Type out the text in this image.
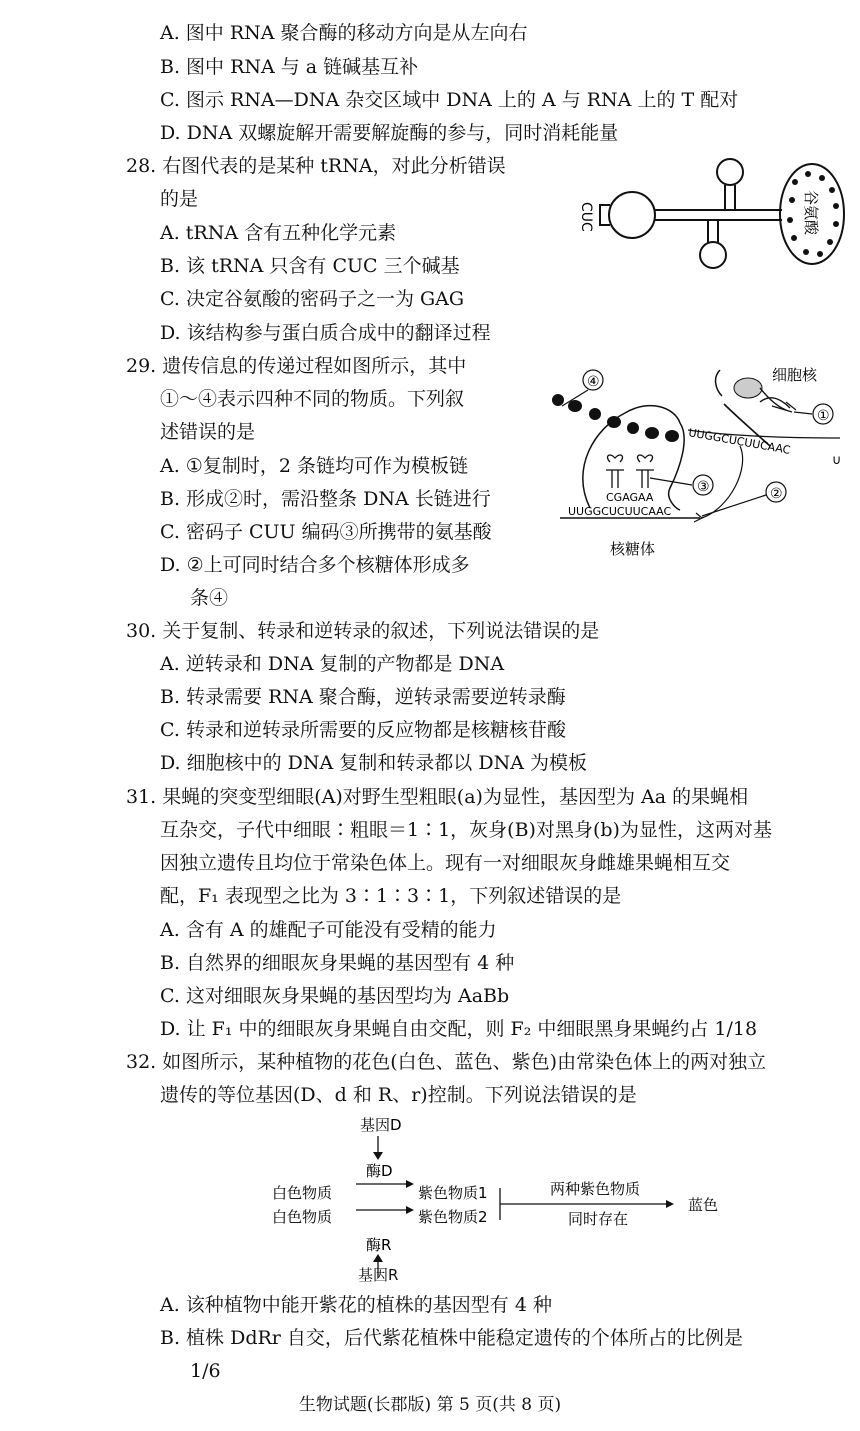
A. 图中 RNA 聚合酶的移动方向是从左向右
B. 图中 RNA 与 a 链碱基互补
C. 图示 RNA—DNA 杂交区域中 DNA 上的 A 与 RNA 上的 T 配对
D. DNA 双螺旋解开需要解旋酶的参与，同时消耗能量
28. 右图代表的是某种 tRNA，对此分析错误
的是
A. tRNA 含有五种化学元素
B. 该 tRNA 只含有 CUC 三个碱基
C. 决定谷氨酸的密码子之一为 GAG
D. 该结构参与蛋白质合成中的翻译过程
CUC	谷氨酸
29. 遗传信息的传递过程如图所示，其中
①～④表示四种不同的物质。下列叙
述错误的是
A. ①复制时，2 条链均可作为模板链
B. 形成②时，需沿整条 DNA 长链进行
C. 密码子 CUU 编码③所携带的氨基酸
D. ②上可同时结合多个核糖体形成多
条④
④
CGAGAA
③
UUGGCUCUUCAAC
核糖体
细胞核
①
UUGGCUCUUCAAC
∪
②
30. 关于复制、转录和逆转录的叙述，下列说法错误的是
A. 逆转录和 DNA 复制的产物都是 DNA
B. 转录需要 RNA 聚合酶，逆转录需要逆转录酶
C. 转录和逆转录所需要的反应物都是核糖核苷酸
D. 细胞核中的 DNA 复制和转录都以 DNA 为模板
31. 果蝇的突变型细眼(A)对野生型粗眼(a)为显性，基因型为 Aa 的果蝇相
互杂交，子代中细眼∶粗眼＝1∶1，灰身(B)对黑身(b)为显性，这两对基
因独立遗传且均位于常染色体上。现有一对细眼灰身雌雄果蝇相互交
配，F₁ 表现型之比为 3∶1∶3∶1，下列叙述错误的是
A. 含有 A 的雄配子可能没有受精的能力
B. 自然界的细眼灰身果蝇的基因型有 4 种
C. 这对细眼灰身果蝇的基因型均为 AaBb
D. 让 F₁ 中的细眼灰身果蝇自由交配，则 F₂ 中细眼黑身果蝇约占 1/18
32. 如图所示，某种植物的花色(白色、蓝色、紫色)由常染色体上的两对独立
遗传的等位基因(D、d 和 R、r)控制。下列说法错误的是
基因D
酶D
白色物质	紫色物质1
白色物质	紫色物质2
酶R
两种紫色物质
同时存在
蓝色
基因R
A. 该种植物中能开紫花的植株的基因型有 4 种
B. 植株 DdRr 自交，后代紫花植株中能稳定遗传的个体所占的比例是
1/6
生物试题(长郡版) 第 5 页(共 8 页)
